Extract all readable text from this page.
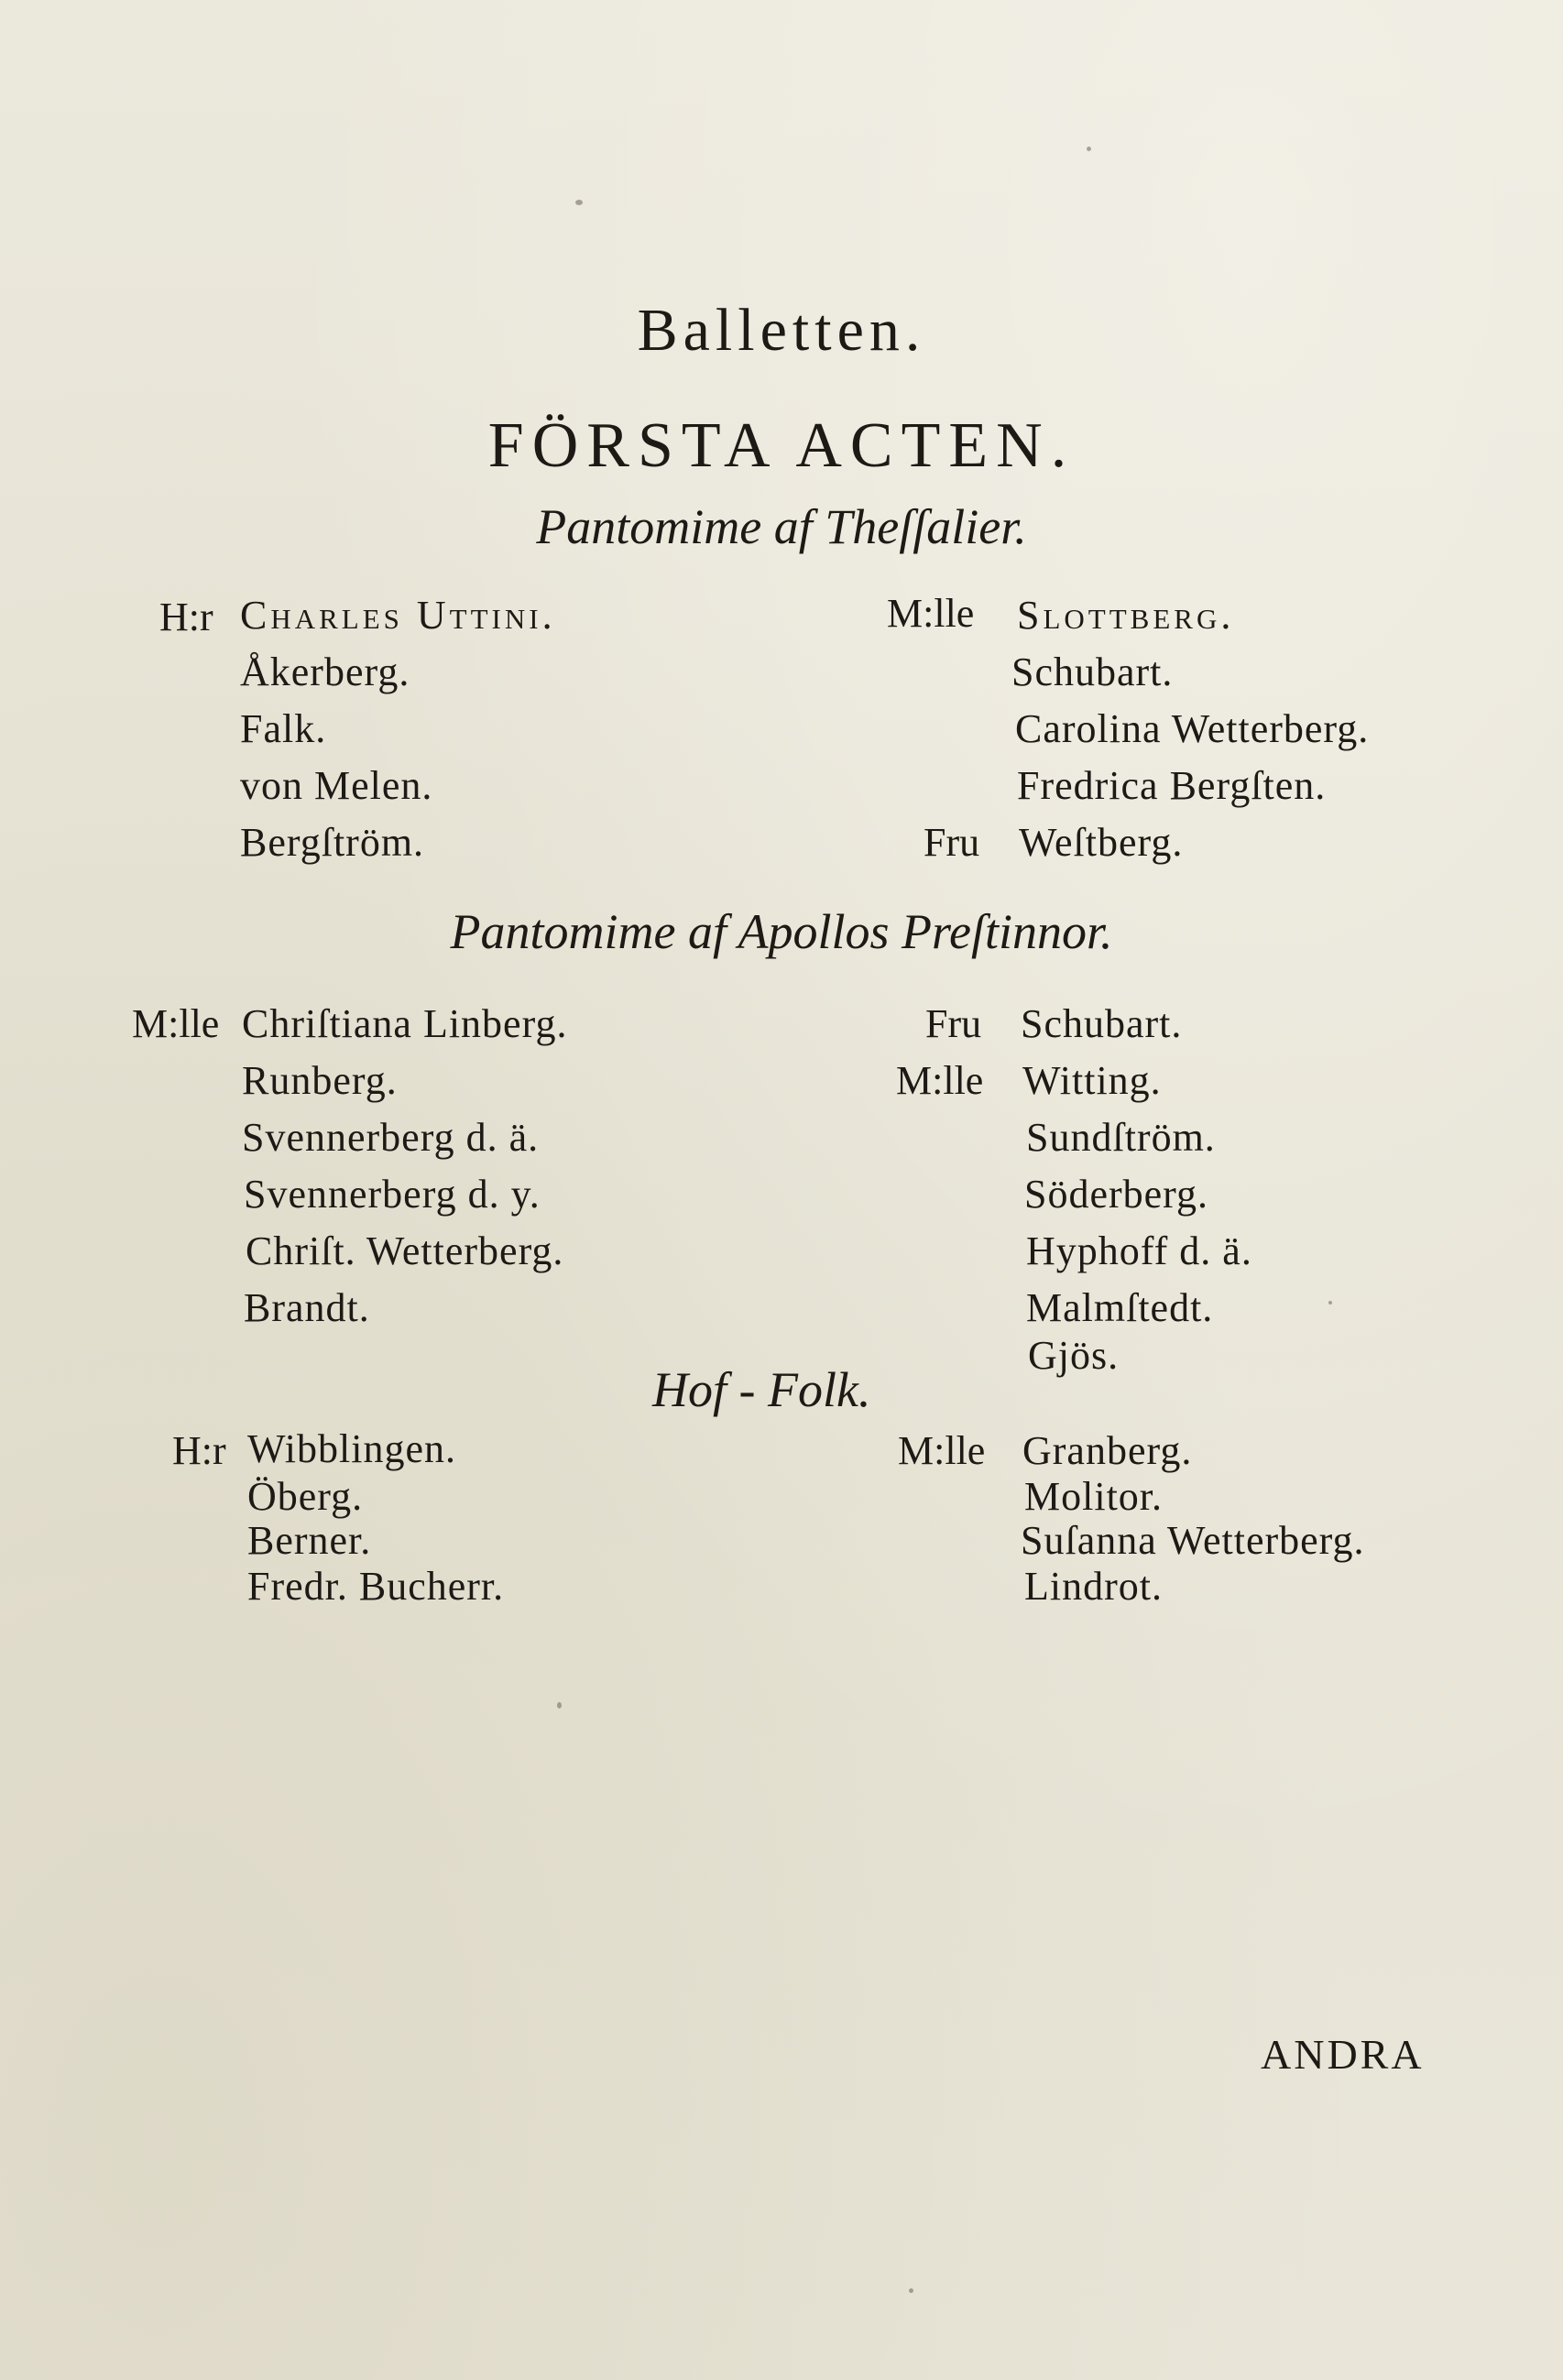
Balletten.
FÖRSTA ACTEN.
Pantomime af Theſſalier.
H:r Charles Uttini.
Åkerberg.
Falk.
von Melen.
Bergſtröm.
M:lle Slottberg.
Schubart.
Carolina Wetterberg.
Fredrica Bergſten.
Fru Weſtberg.
Pantomime af Apollos Preſtinnor.
M:lle Chriſtiana Linberg.
Runberg.
Svennerberg d. ä.
Svennerberg d. y.
Chriſt. Wetterberg.
Brandt.
Fru Schubart.
M:lle Witting.
Sundſtröm.
Söderberg.
Hyphoff d. ä.
Malmſtedt.
Gjös.
Hof - Folk.
H:r Wibblingen.
Öberg.
Berner.
Fredr. Bucherr.
M:lle Granberg.
Molitor.
Suſanna Wetterberg.
Lindrot.
ANDRA
